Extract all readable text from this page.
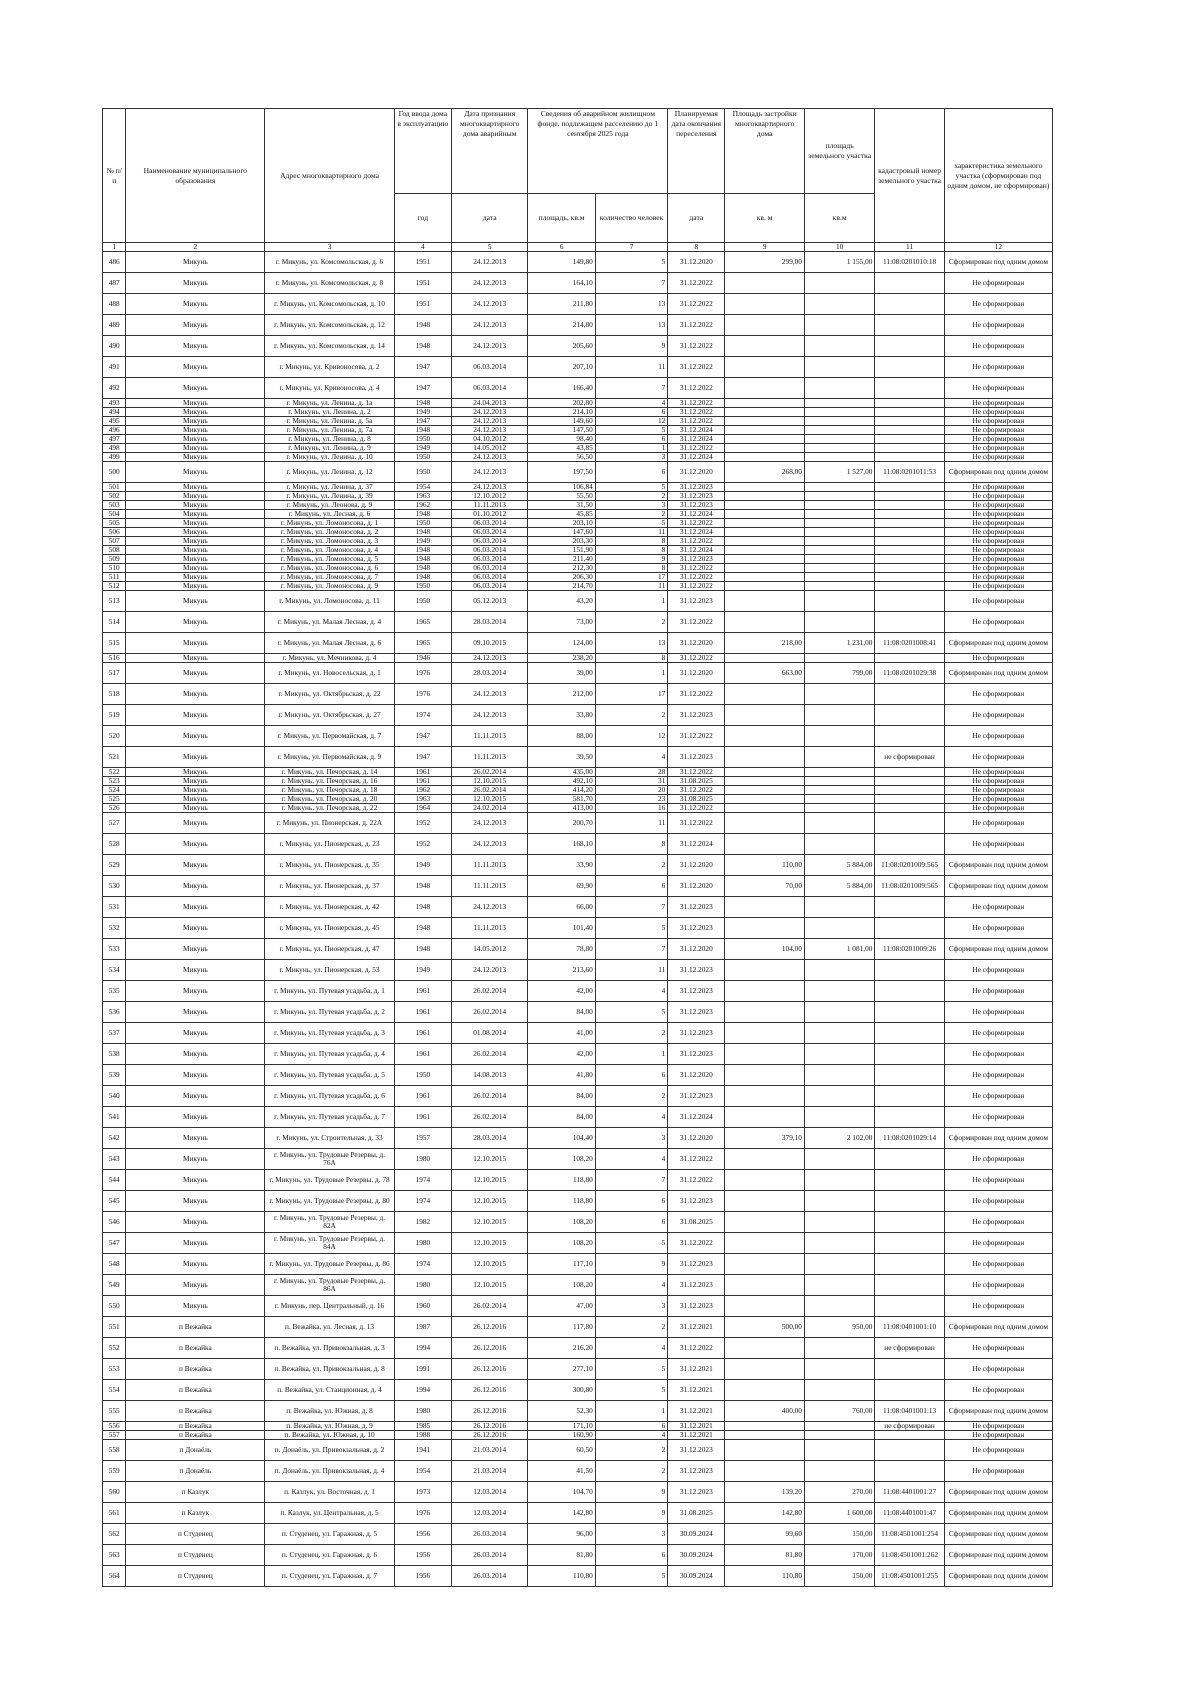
№ п/п	Наименование муниципального образования	Адрес многоквартирного дома	Год ввода дома в эксплуатацию	Дата признания многоквартирного дома аварийным	Сведения об аварийном жилищном фонде, подлежащем расселению до 1 сентября 2025 года		Планируемая дата окончания переселения	Площадь застройки многоквартирного дома	площадь земельного участка	кадастровый номер земельного участка	характеристика земельного участка (сформирован под одним домом, не сформирован)
			год	дата	площадь, кв.м	количество человек	дата	кв. м	кв.м		
1	2	3	4	5	6	7	8	9	10	11	12
486	Микунь	г. Микунь, ул. Комсомольская, д. 6	1951	24.12.2013	149,80	5	31.12.2020	299,00	1 155,00	11:08:0201010:18	Сформирован под одним домом
487	Микунь	г. Микунь, ул. Комсомольская, д. 8	1951	24.12.2013	164,10	7	31.12.2022				Не сформирован
488	Микунь	г. Микунь, ул. Комсомольская, д. 10	1951	24.12.2013	211,80	13	31.12.2022				Не сформирован
489	Микунь	г. Микунь, ул. Комсомольская, д. 12	1948	24.12.2013	214,80	13	31.12.2022				Не сформирован
490	Микунь	г. Микунь, ул. Комсомольская, д. 14	1948	24.12.2013	205,60	9	31.12.2022				Не сформирован
491	Микунь	г. Микунь, ул. Кривоносова, д. 2	1947	06.03.2014	207,10	11	31.12.2022				Не сформирован
492	Микунь	г. Микунь, ул. Кривоносова, д. 4	1947	06.03.2014	166,40	7	31.12.2022				Не сформирован
493	Микунь	г. Микунь, ул. Ленина, д. 1а	1948	24.04.2013	202,80	4	31.12.2022				Не сформирован
494	Микунь	г. Микунь, ул. Ленина, д. 2	1949	24.12.2013	214,10	6	31.12.2022				Не сформирован
495	Микунь	г. Микунь, ул. Ленина, д. 5а	1947	24.12.2013	149,60	12	31.12.2022				Не сформирован
496	Микунь	г. Микунь, ул. Ленина, д. 7а	1948	24.12.2013	147,50	5	31.12.2024				Не сформирован
497	Микунь	г. Микунь, ул. Ленина, д. 8	1950	04.10.2012	98,40	6	31.12.2024				Не сформирован
498	Микунь	г. Микунь, ул. Ленина, д. 9	1949	14.05.2012	43,85	1	31.12.2022				Не сформирован
499	Микунь	г. Микунь, ул. Ленина, д. 10	1950	24.12.2013	56,50	3	31.12.2024				Не сформирован
500	Микунь	г. Микунь, ул. Ленина, д. 12	1950	24.12.2013	197,50	6	31.12.2020	268,00	1 527,00	11:08:0201011:53	Сформирован под одним домом
501	Микунь	г. Микунь, ул. Ленина, д. 37	1954	24.12.2013	106,84	5	31.12.2023				Не сформирован
502	Микунь	г. Микунь, ул. Ленина, д. 39	1963	12.10.2012	55,50	2	31.12.2023				Не сформирован
503	Микунь	г. Микунь, ул. Леонова, д. 9	1962	11.11.2013	31,50	3	31.12.2023				Не сформирован
504	Микунь	г. Микунь, ул. Лесная, д. 6	1948	01.10.2012	45,85	2	31.12.2024				Не сформирован
505	Микунь	г. Микунь, ул. Ломоносова, д. 1	1950	06.03.2014	203,10	5	31.12.2022				Не сформирован
506	Микунь	г. Микунь, ул. Ломоносова, д. 2	1948	06.03.2014	147,60	11	31.12.2024				Не сформирован
507	Микунь	г. Микунь, ул. Ломоносова, д. 3	1949	06.03.2014	203,30	8	31.12.2022				Не сформирован
508	Микунь	г. Микунь, ул. Ломоносова, д. 4	1948	06.03.2014	151,90	8	31.12.2024				Не сформирован
509	Микунь	г. Микунь, ул. Ломоносова, д. 5	1948	06.03.2014	211,40	9	31.12.2023				Не сформирован
510	Микунь	г. Микунь, ул. Ломоносова, д. 6	1948	06.03.2014	212,30	8	31.12.2022				Не сформирован
511	Микунь	г. Микунь, ул. Ломоносова, д. 7	1948	06.03.2014	206,30	17	31.12.2022				Не сформирован
512	Микунь	г. Микунь, ул. Ломоносова, д. 9	1950	06.03.2014	214,70	11	31.12.2022				Не сформирован
513	Микунь	г. Микунь, ул. Ломоносова, д. 11	1950	05.12.2013	43,20	1	31.12.2023				Не сформирован
514	Микунь	г. Микунь, ул. Малая Лесная, д. 4	1965	28.03.2014	73,00	2	31.12.2022				Не сформирован
515	Микунь	г. Микунь, ул. Малая Лесная, д. 6	1965	09.10.2015	124,00	13	31.12.2020	218,00	1 231,00	11:08:0201008:41	Сформирован под одним домом
516	Микунь	г. Микунь, ул. Мечникова, д. 4	1946	24.12.2013	238,20	8	31.12.2022				Не сформирован
517	Микунь	г. Микунь, ул. Новосельская, д. 1	1976	28.03.2014	39,00	1	31.12.2020	663,00	799,00	11:08:0201029:38	Сформирован под одним домом
518	Микунь	г. Микунь, ул. Октябрьская, д. 22	1976	24.12.2013	212,00	17	31.12.2022				Не сформирован
519	Микунь	г. Микунь, ул. Октябрьская, д. 27	1974	24.12.2013	33,80	2	31.12.2023				Не сформирован
520	Микунь	г. Микунь, ул. Первомайская, д. 7	1947	11.11.2013	88,00	12	31.12.2022				Не сформирован
521	Микунь	г. Микунь, ул. Первомайская, д. 9	1947	11.11.2013	39,50	4	31.12.2023			не сформирован	Не сформирован
522	Микунь	г. Микунь, ул. Печорская, д. 14	1961	26.02.2014	435,00	28	31.12.2022				Не сформирован
523	Микунь	г. Микунь, ул. Печорская, д. 16	1961	12.10.2015	492,10	31	31.08.2025				Не сформирован
524	Микунь	г. Микунь, ул. Печорская, д. 18	1962	26.02.2014	414,20	20	31.12.2022				Не сформирован
525	Микунь	г. Микунь, ул. Печорская, д. 20	1963	12.10.2015	581,70	23	31.08.2025				Не сформирован
526	Микунь	г. Микунь, ул. Печорская, д. 22	1964	24.02.2014	413,00	16	31.12.2022				Не сформирован
527	Микунь	г. Микунь, ул. Пионерская, д. 22А	1952	24.12.2013	200,70	11	31.12.2022				Не сформирован
528	Микунь	г. Микунь, ул. Пионерская, д. 23	1952	24.12.2013	168,10	8	31.12.2024				Не сформирован
529	Микунь	г. Микунь, ул. Пионерская, д. 35	1949	11.11.2013	33,90	2	31.12.2020	110,00	5 884,00	11:08:0201009:565	Сформирован под одним домом
530	Микунь	г. Микунь, ул. Пионерская, д. 37	1948	11.11.2013	69,90	6	31.12.2020	70,00	5 884,00	11:08:0201009:565	Сформирован под одним домом
531	Микунь	г. Микунь, ул. Пионерская, д. 42	1948	24.12.2013	66,00	7	31.12.2023				Не сформирован
532	Микунь	г. Микунь, ул. Пионерская, д. 45	1948	11.11.2013	101,40	5	31.12.2023				Не сформирован
533	Микунь	г. Микунь, ул. Пионерская, д. 47	1948	14.05.2012	78,80	7	31.12.2020	104,00	1 081,00	11:08:0201009:26	Сформирован под одним домом
534	Микунь	г. Микунь, ул. Пионерская, д. 53	1949	24.12.2013	213,60	11	31.12.2023				Не сформирован
535	Микунь	г. Микунь, ул. Путевая усадьба, д. 1	1961	26.02.2014	42,00	4	31.12.2023				Не сформирован
536	Микунь	г. Микунь, ул. Путевая усадьба, д. 2	1961	26.02.2014	84,00	5	31.12.2023				Не сформирован
537	Микунь	г. Микунь, ул. Путевая усадьба, д. 3	1961	01.08.2014	41,00	2	31.12.2023				Не сформирован
538	Микунь	г. Микунь, ул. Путевая усадьба, д. 4	1961	26.02.2014	42,00	1	31.12.2023				Не сформирован
539	Микунь	г. Микунь, ул. Путевая усадьба, д. 5	1950	14.08.2013	41,80	6	31.12.2020				Не сформирован
540	Микунь	г. Микунь, ул. Путевая усадьба, д. 6	1961	26.02.2014	84,00	2	31.12.2023				Не сформирован
541	Микунь	г. Микунь, ул. Путевая усадьба, д. 7	1961	26.02.2014	84,00	4	31.12.2024				Не сформирован
542	Микунь	г. Микунь, ул. Строительная, д. 33	1957	28.03.2014	104,40	3	31.12.2020	379,10	2 102,00	11:08:0201029:14	Сформирован под одним домом
543	Микунь	г. Микунь, ул. Трудовые Резервы, д. 76А	1980	12.10.2015	108,20	4	31.12.2022				Не сформирован
544	Микунь	г. Микунь, ул. Трудовые Резервы, д. 78	1974	12.10.2015	118,80	7	31.12.2022				Не сформирован
545	Микунь	г. Микунь, ул. Трудовые Резервы, д. 80	1974	12.10.2015	118,80	6	31.12.2023				Не сформирован
546	Микунь	г. Микунь, ул. Трудовые Резервы, д. 82А	1982	12.10.2015	108,20	6	31.08.2025				Не сформирован
547	Микунь	г. Микунь, ул. Трудовые Резервы, д. 84А	1980	12.10.2015	108,20	5	31.12.2022				Не сформирован
548	Микунь	г. Микунь, ул. Трудовые Резервы, д. 86	1974	12.10.2015	117,10	9	31.12.2023				Не сформирован
549	Микунь	г. Микунь, ул. Трудовые Резервы, д. 86А	1980	12.10.2015	108,20	4	31.12.2023				Не сформирован
550	Микунь	г. Микунь, пер. Центральный, д. 16	1960	26.02.2014	47,00	3	31.12.2023				Не сформирован
551	п Вежайка	п. Вежайка, ул. Лесная, д. 13	1987	26.12.2016	117,80	2	31.12.2021	500,00	950,00	11:08:0401001:10	Сформирован под одним домом
552	п Вежайка	п. Вежайка, ул. Привокзальная, д. 3	1994	26.12.2016	216,20	4	31.12.2022			не сформирован	Не сформирован
553	п Вежайка	п. Вежайка, ул. Привокзальная, д. 8	1991	26.12.2016	277,10	5	31.12.2021				Не сформирован
554	п Вежайка	п. Вежайка, ул. Станционная, д. 4	1994	26.12.2016	300,80	5	31.12.2021				Не сформирован
555	п Вежайка	п. Вежайка, ул. Южная, д. 8	1980	26.12.2016	52,30	1	31.12.2021	400,00	760,00	11:08:0401001:13	Сформирован под одним домом
556	п Вежайка	п. Вежайка, ул. Южная, д. 9	1985	26.12.2016	171,10	6	31.12.2021			не сформирован	Не сформирован
557	п Вежайка	п. Вежайка, ул. Южная, д. 10	1988	26.12.2016	160,90	4	31.12.2021				Не сформирован
558	п Донаёль	п. Донаёль, ул. Привокзальная, д. 2	1941	21.03.2014	60,50	2	31.12.2023				Не сформирован
559	п Донаёль	п. Донаёль, ул. Привокзальная, д. 4	1954	21.03.2014	41,50	2	31.12.2023				Не сформирован
560	п Казлук	п. Казлук, ул. Восточная, д. 1	1973	12.03.2014	104,70	9	31.12.2023	139,20	270,00	11:08:4401001:27	Сформирован под одним домом
561	п Казлук	п. Казлук, ул. Центральная, д. 5	1976	12.03.2014	142,80	9	31.08.2025	142,80	1 600,00	11:08:4401001:47	Сформирован под одним домом
562	п Студенец	п. Студенец, ул. Гаражная, д. 5	1956	26.03.2014	96,00	3	30.09.2024	99,60	150,00	11:08:4501001:254	Сформирован под одним домом
563	п Студенец	п. Студенец, ул. Гаражная, д. 6	1956	26.03.2014	81,80	6	30.09.2024	81,80	170,00	11:08:4501001:262	Сформирован под одним домом
564	п Студенец	п. Студенец, ул. Гаражная, д. 7	1956	26.03.2014	110,80	5	30.09.2024	110,80	150,00	11:08:4501001:255	Сформирован под одним домом
